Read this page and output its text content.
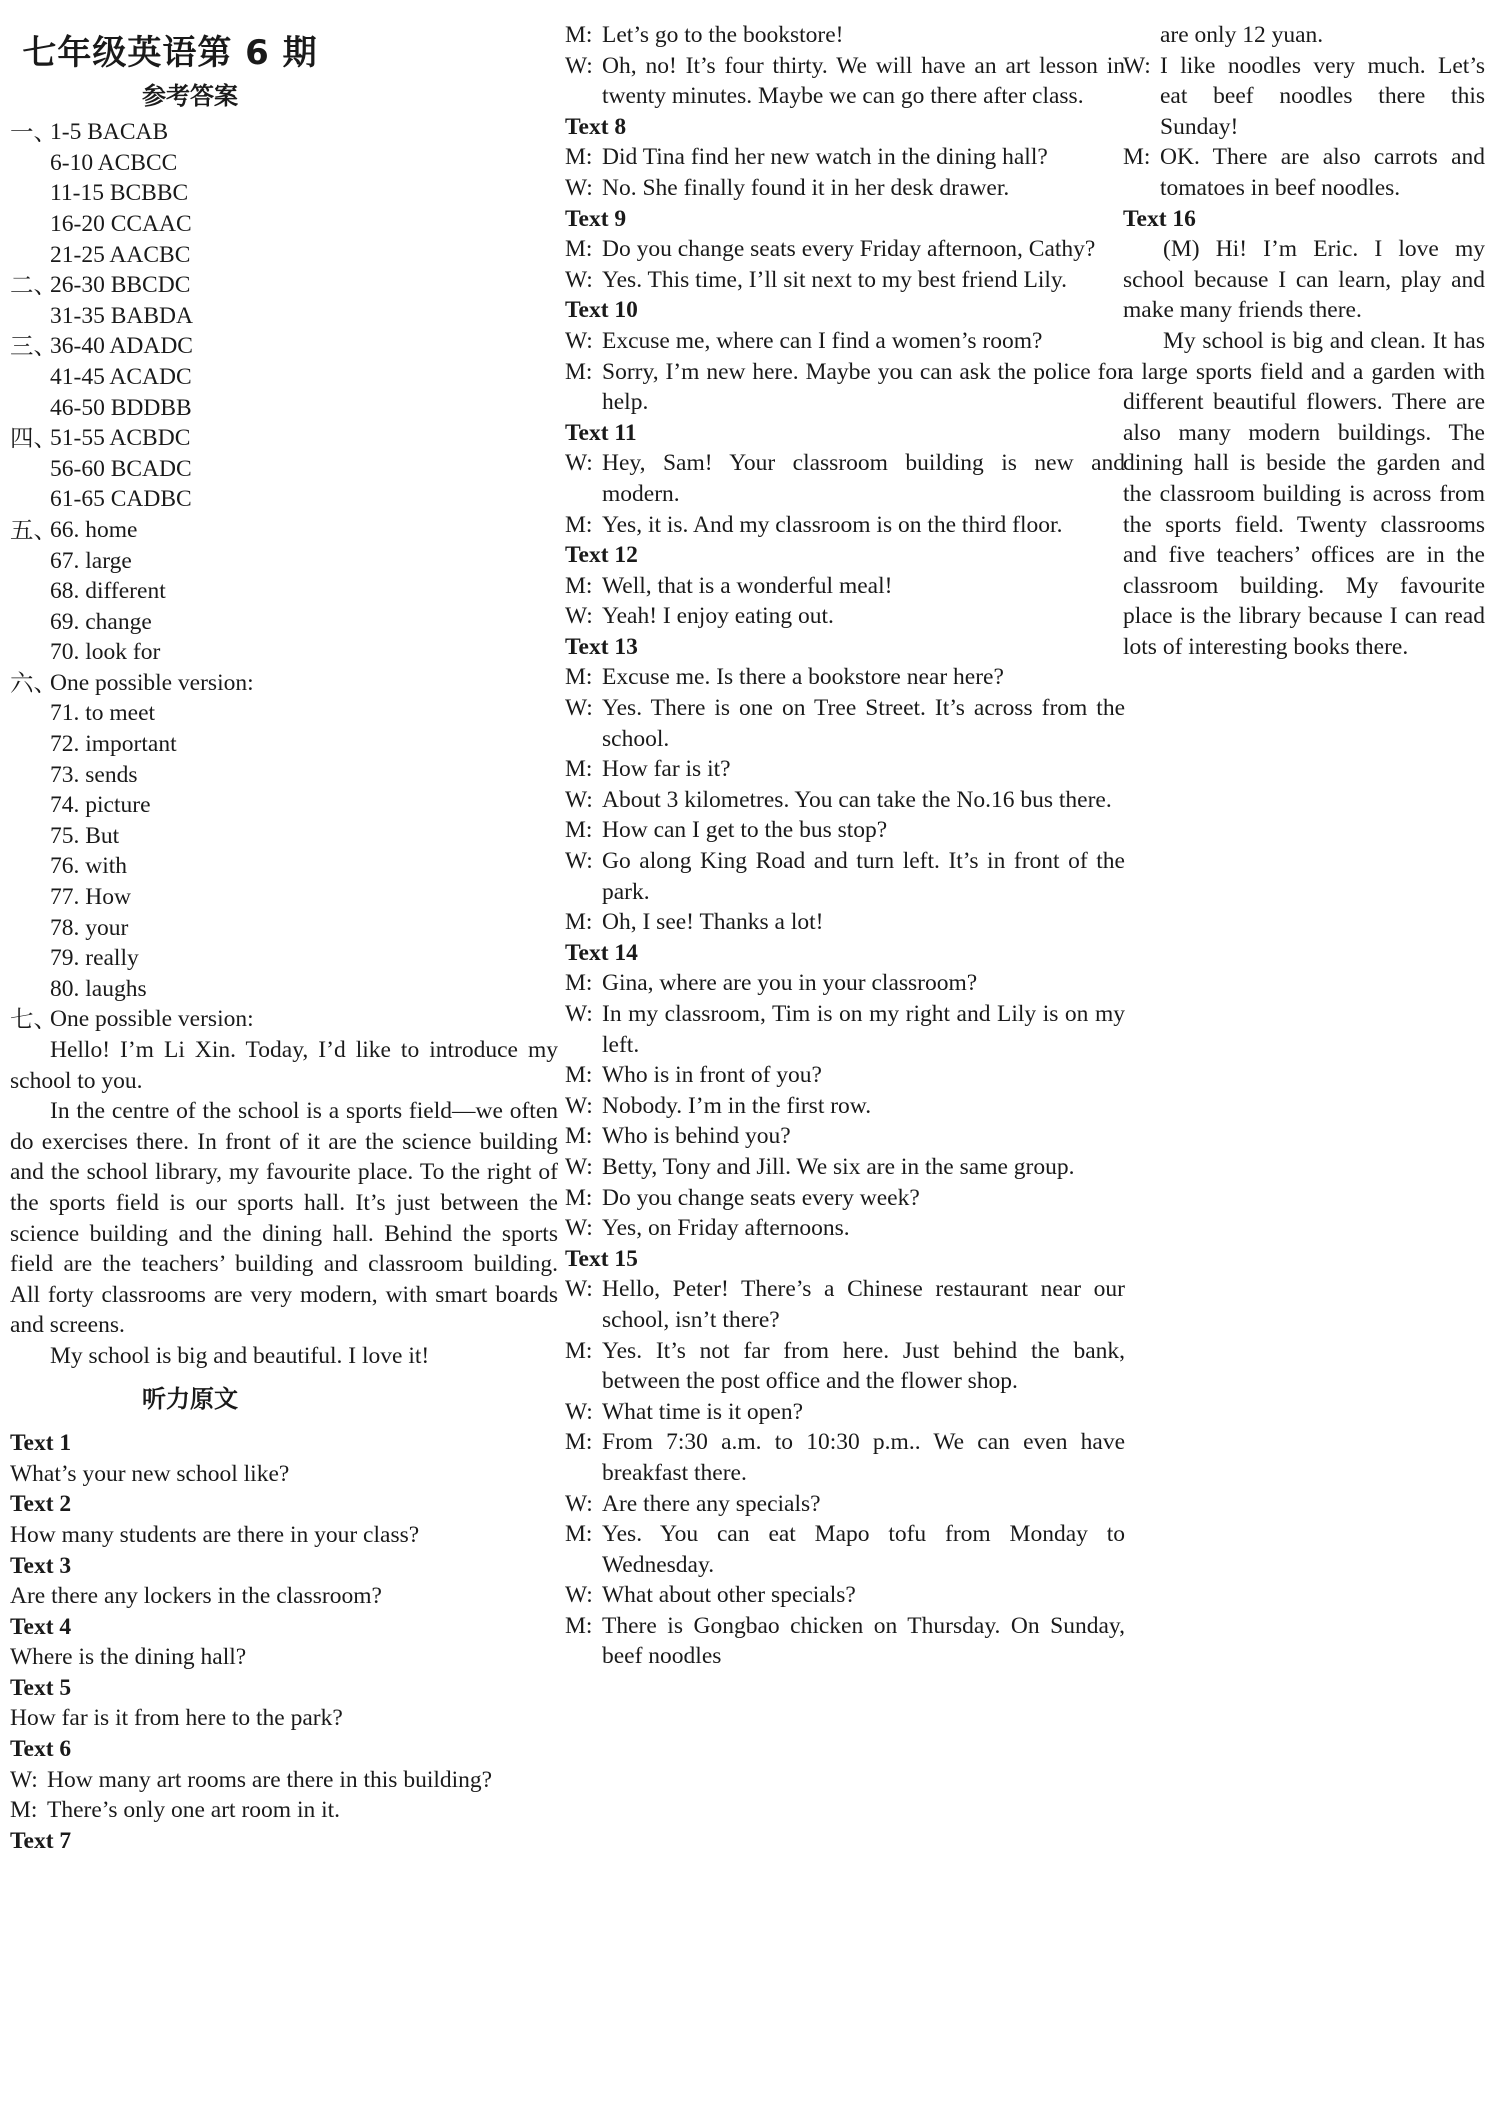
七年级英语第 6 期
参考答案
一、
1-5 BACAB
6-10 ACBCC
11-15 BCBBC
16-20 CCAAC
21-25 AACBC
二、
26-30 BBCDC
31-35 BABDA
三、
36-40 ADADC
41-45 ACADC
46-50 BDDBB
四、
51-55 ACBDC
56-60 BCADC
61-65 CADBC
五、
66. home
67. large
68. different
69. change
70. look for
六、
One possible version:
71. to meet
72. important
73. sends
74. picture
75. But
76. with
77. How
78. your
79. really
80. laughs
七、
One possible version:
Hello! I’m Li Xin. Today, I’d like to introduce my school to you.
In the centre of the school is a sports field—we often do exercises there. In front of it are the science building and the school library, my favourite place. To the right of the sports field is our sports hall. It’s just between the science building and the dining hall. Behind the sports field are the teachers’ building and classroom building. All forty classrooms are very modern, with smart boards and screens.
My school is big and beautiful. I love it!
听力原文
Text 1
What’s your new school like?
Text 2
How many students are there in your class?
Text 3
Are there any lockers in the classroom?
Text 4
Where is the dining hall?
Text 5
How far is it from here to the park?
Text 6
W: How many art rooms are there in this building?
M: There’s only one art room in it.
Text 7
M: Let’s go to the bookstore!
W: Oh, no! It’s four thirty. We will have an art lesson in twenty minutes. Maybe we can go there after class.
Text 8
M: Did Tina find her new watch in the dining hall?
W: No. She finally found it in her desk drawer.
Text 9
M: Do you change seats every Friday afternoon, Cathy?
W: Yes. This time, I’ll sit next to my best friend Lily.
Text 10
W: Excuse me, where can I find a women’s room?
M: Sorry, I’m new here. Maybe you can ask the police for help.
Text 11
W: Hey, Sam! Your classroom building is new and modern.
M: Yes, it is. And my classroom is on the third floor.
Text 12
M: Well, that is a wonderful meal!
W: Yeah! I enjoy eating out.
Text 13
M: Excuse me. Is there a bookstore near here?
W: Yes. There is one on Tree Street. It’s across from the school.
M: How far is it?
W: About 3 kilometres. You can take the No.16 bus there.
M: How can I get to the bus stop?
W: Go along King Road and turn left. It’s in front of the park.
M: Oh, I see! Thanks a lot!
Text 14
M: Gina, where are you in your classroom?
W: In my classroom, Tim is on my right and Lily is on my left.
M: Who is in front of you?
W: Nobody. I’m in the first row.
M: Who is behind you?
W: Betty, Tony and Jill. We six are in the same group.
M: Do you change seats every week?
W: Yes, on Friday afternoons.
Text 15
W: Hello, Peter! There’s a Chinese restaurant near our school, isn’t there?
M: Yes. It’s not far from here. Just behind the bank, between the post office and the flower shop.
W: What time is it open?
M: From 7:30 a.m. to 10:30 p.m.. We can even have breakfast there.
W: Are there any specials?
M: Yes. You can eat Mapo tofu from Monday to Wednesday.
W: What about other specials?
M: There is Gongbao chicken on Thursday. On Sunday, beef noodles
are only 12 yuan.
W: I like noodles very much. Let’s eat beef noodles there this Sunday!
M: OK. There are also carrots and tomatoes in beef noodles.
Text 16
(M) Hi! I’m Eric. I love my school because I can learn, play and make many friends there.
My school is big and clean. It has a large sports field and a garden with different beautiful flowers. There are also many modern buildings. The dining hall is beside the garden and the classroom building is across from the sports field. Twenty classrooms and five teachers’ offices are in the classroom building. My favourite place is the library because I can read lots of interesting books there.
